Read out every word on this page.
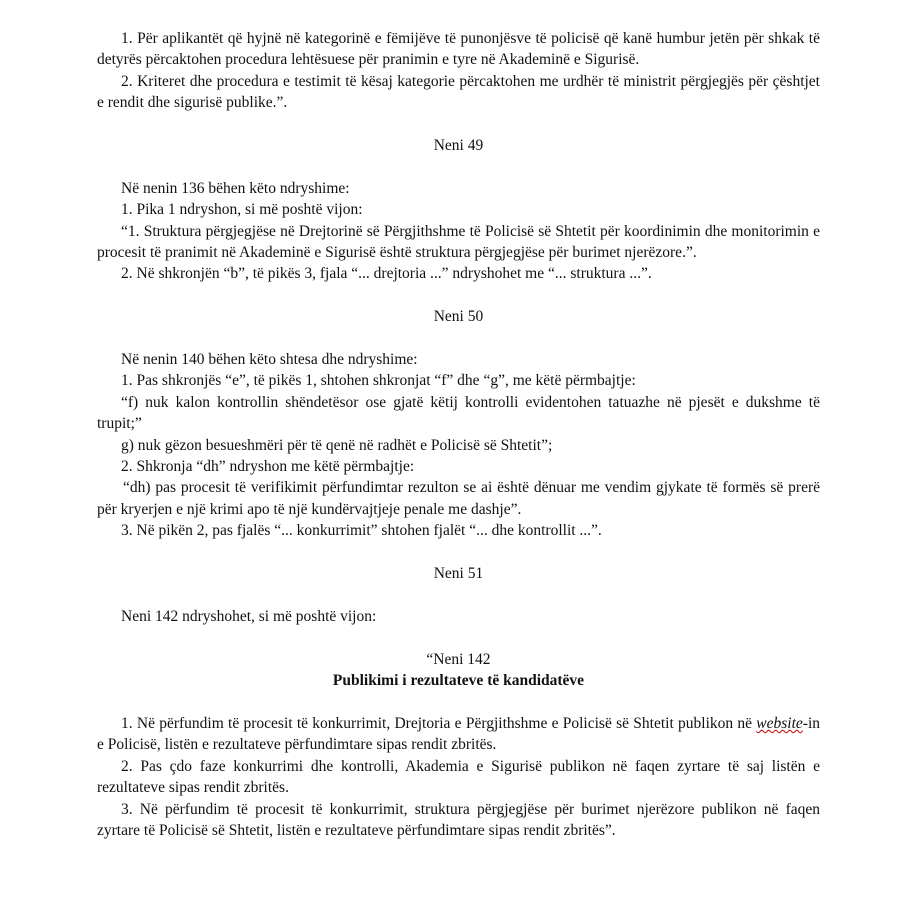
1. Për aplikantët që hyjnë në kategorinë e fëmijëve të punonjësve të policisë që kanë humbur jetën për shkak të detyrës përcaktohen procedura lehtësuese për pranimin e tyre në Akademinë e Sigurisë.

2. Kriteret dhe procedura e testimit të kësaj kategorie përcaktohen me urdhër të ministrit përgjegjës për çështjet e rendit dhe sigurisë publike.”.

Neni 49

Në nenin 136 bëhen këto ndryshime:

1. Pika 1 ndryshon, si më poshtë vijon:

“1. Struktura përgjegjëse në Drejtorinë së Përgjithshme të Policisë së Shtetit për koordinimin dhe monitorimin e procesit të pranimit në Akademinë e Sigurisë është struktura përgjegjëse për burimet njerëzore.”.

2. Në shkronjën “b”, të pikës 3, fjala “... drejtoria ...” ndryshohet me “... struktura ...”.

Neni 50

Në nenin 140 bëhen këto shtesa dhe ndryshime:

1. Pas shkronjës “e”, të pikës 1, shtohen shkronjat “f” dhe “g”, me këtë përmbajtje:

“f) nuk kalon kontrollin shëndetësor ose gjatë këtij kontrolli evidentohen tatuazhe në pjesët e dukshme të trupit;”

g) nuk gëzon besueshmëri për të qenë në radhët e Policisë së Shtetit”;

2. Shkronja “dh” ndryshon me këtë përmbajtje:

“dh) pas procesit të verifikimit përfundimtar rezulton se ai është dënuar me vendim gjykate të formës së prerë për kryerjen e një krimi apo të një kundërvajtjeje penale me dashje”.

3. Në pikën 2, pas fjalës “... konkurrimit” shtohen fjalët “... dhe kontrollit ...”.

Neni 51

Neni 142 ndryshohet, si më poshtë vijon:

“Neni 142

Publikimi i rezultateve të kandidatëve

1. Në përfundim të procesit të konkurrimit, Drejtoria e Përgjithshme e Policisë së Shtetit publikon në website-in e Policisë, listën e rezultateve përfundimtare sipas rendit zbritës.

2. Pas çdo faze konkurrimi dhe kontrolli, Akademia e Sigurisë publikon në faqen zyrtare të saj listën e rezultateve sipas rendit zbritës.

3. Në përfundim të procesit të konkurrimit, struktura përgjegjëse për burimet njerëzore publikon në faqen zyrtare të Policisë së Shtetit, listën e rezultateve përfundimtare sipas rendit zbritës”.
